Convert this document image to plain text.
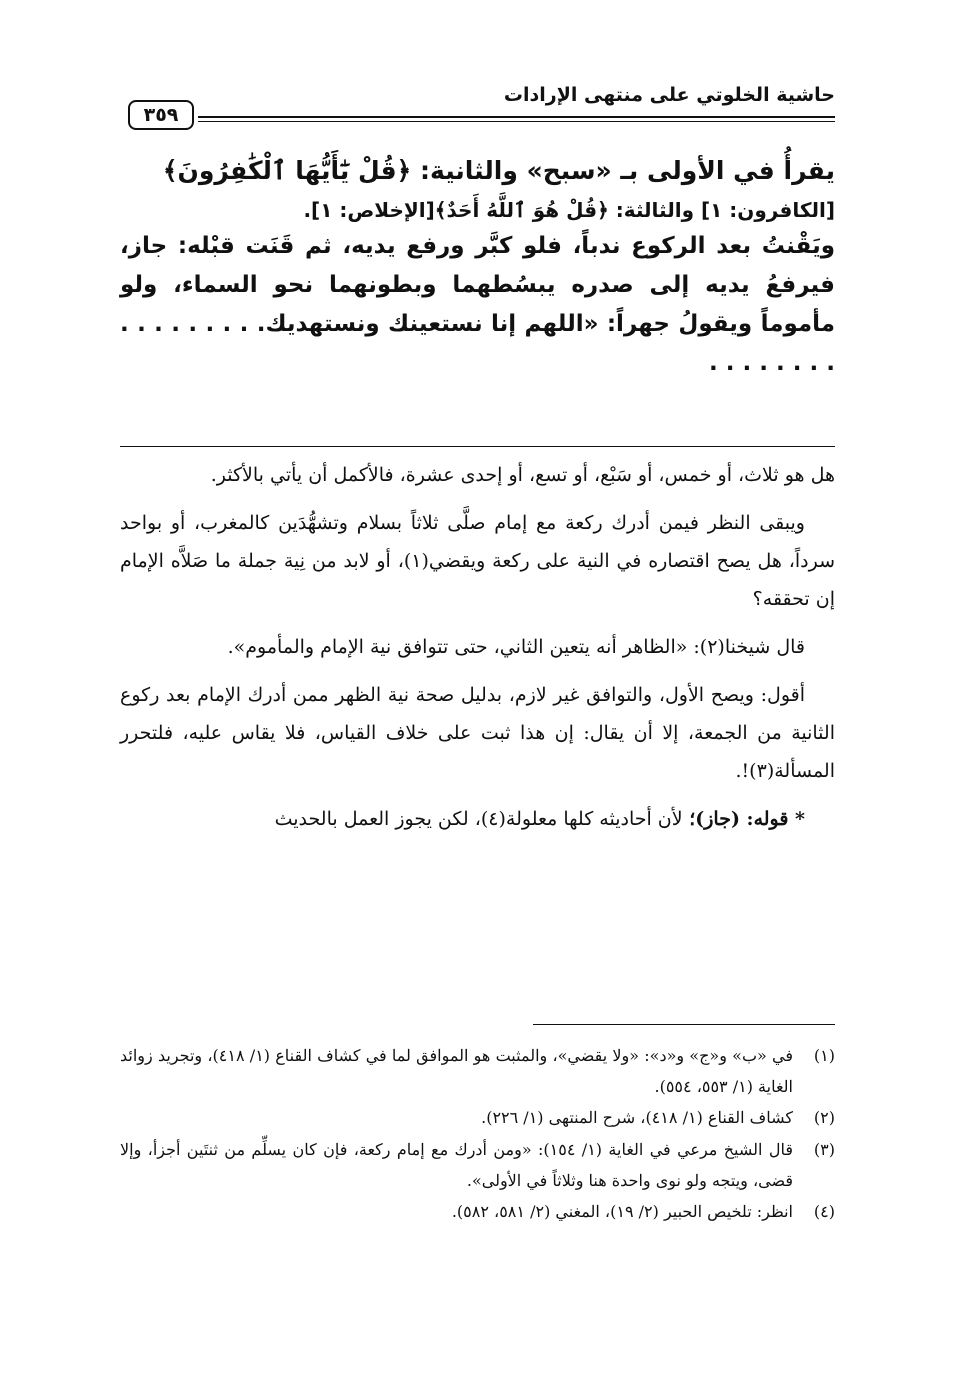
حاشية الخلوتي على منتهى الإرادات
٣٥٩

يقرأُ في الأولى بـ «سبح» والثانية: ﴿قُلْ يَٰٓأَيُّهَا ٱلْكَٰفِرُونَ﴾

[الكافرون: ١] والثالثة: ﴿قُلْ هُوَ ٱللَّهُ أَحَدٌ﴾[الإخلاص: ١].

ويَقْنتُ بعد الركوع ندباً، فلو كبَّر ورفع يديه، ثم قَنَت قبْله: جاز، فيرفعُ يديه إلى صدره يبسُطهما وبطونهما نحو السماء، ولو مأموماً ويقولُ جهراً: «اللهم إنا نستعينك ونستهديك. . . . . . . . . . . . . . . . .

هل هو ثلاث، أو خمس، أو سَبْع، أو تسع، أو إحدى عشرة، فالأكمل أن يأتي بالأكثر.

ويبقى النظر فيمن أدرك ركعة مع إمام صلَّى ثلاثاً بسلام وتشهُّدَين كالمغرب، أو بواحد سرداً، هل يصح اقتصاره في النية على ركعة ويقضي(١)، أو لابد من نِية جملة ما صَلاَّه الإمام إن تحققه؟

قال شيخنا(٢): «الظاهر أنه يتعين الثاني، حتى تتوافق نية الإمام والمأموم».

أقول: ويصح الأول، والتوافق غير لازم، بدليل صحة نية الظهر ممن أدرك الإمام بعد ركوع الثانية من الجمعة، إلا أن يقال: إن هذا ثبت على خلاف القياس، فلا يقاس عليه، فلتحرر المسألة(٣)!.

* قوله: (جاز)؛ لأن أحاديثه كلها معلولة(٤)، لكن يجوز العمل بالحديث

(١)
في «ب» و«ج» و«د»: «ولا يقضي»، والمثبت هو الموافق لما في كشاف القناع (١/ ٤١٨)، وتجريد زوائد الغاية (١/ ٥٥٣، ٥٥٤).
(٢)
كشاف القناع (١/ ٤١٨)، شرح المنتهى (١/ ٢٢٦).
(٣)
قال الشيخ مرعي في الغاية (١/ ١٥٤): «ومن أدرك مع إمام ركعة، فإن كان يسلِّم من ثنتَين أجزأ، وإلا قضى، ويتجه ولو نوى واحدة هنا وثلاثاً في الأولى».
(٤)
انظر: تلخيص الحبير (٢/ ١٩)، المغني (٢/ ٥٨١، ٥٨٢).
